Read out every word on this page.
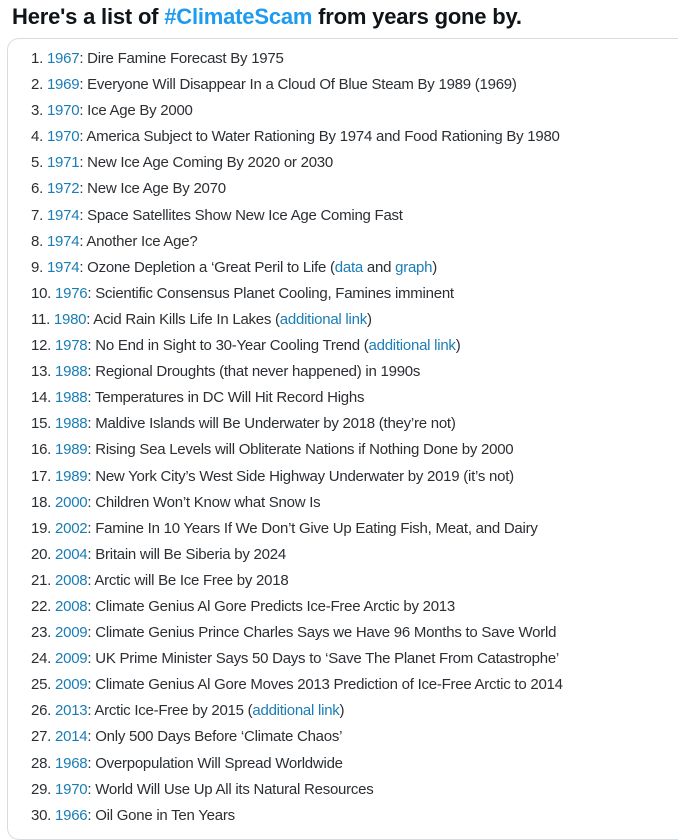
Here's a list of #ClimateScam from years gone by.
1. 1967: Dire Famine Forecast By 1975
2. 1969: Everyone Will Disappear In a Cloud Of Blue Steam By 1989 (1969)
3. 1970: Ice Age By 2000
4. 1970: America Subject to Water Rationing By 1974 and Food Rationing By 1980
5. 1971: New Ice Age Coming By 2020 or 2030
6. 1972: New Ice Age By 2070
7. 1974: Space Satellites Show New Ice Age Coming Fast
8. 1974: Another Ice Age?
9. 1974: Ozone Depletion a ‘Great Peril to Life (data and graph)
10. 1976: Scientific Consensus Planet Cooling, Famines imminent
11. 1980: Acid Rain Kills Life In Lakes (additional link)
12. 1978: No End in Sight to 30-Year Cooling Trend (additional link)
13. 1988: Regional Droughts (that never happened) in 1990s
14. 1988: Temperatures in DC Will Hit Record Highs
15. 1988: Maldive Islands will Be Underwater by 2018 (they’re not)
16. 1989: Rising Sea Levels will Obliterate Nations if Nothing Done by 2000
17. 1989: New York City’s West Side Highway Underwater by 2019 (it’s not)
18. 2000: Children Won’t Know what Snow Is
19. 2002: Famine In 10 Years If We Don’t Give Up Eating Fish, Meat, and Dairy
20. 2004: Britain will Be Siberia by 2024
21. 2008: Arctic will Be Ice Free by 2018
22. 2008: Climate Genius Al Gore Predicts Ice-Free Arctic by 2013
23. 2009: Climate Genius Prince Charles Says we Have 96 Months to Save World
24. 2009: UK Prime Minister Says 50 Days to ‘Save The Planet From Catastrophe’
25. 2009: Climate Genius Al Gore Moves 2013 Prediction of Ice-Free Arctic to 2014
26. 2013: Arctic Ice-Free by 2015 (additional link)
27. 2014: Only 500 Days Before ‘Climate Chaos’
28. 1968: Overpopulation Will Spread Worldwide
29. 1970: World Will Use Up All its Natural Resources
30. 1966: Oil Gone in Ten Years
